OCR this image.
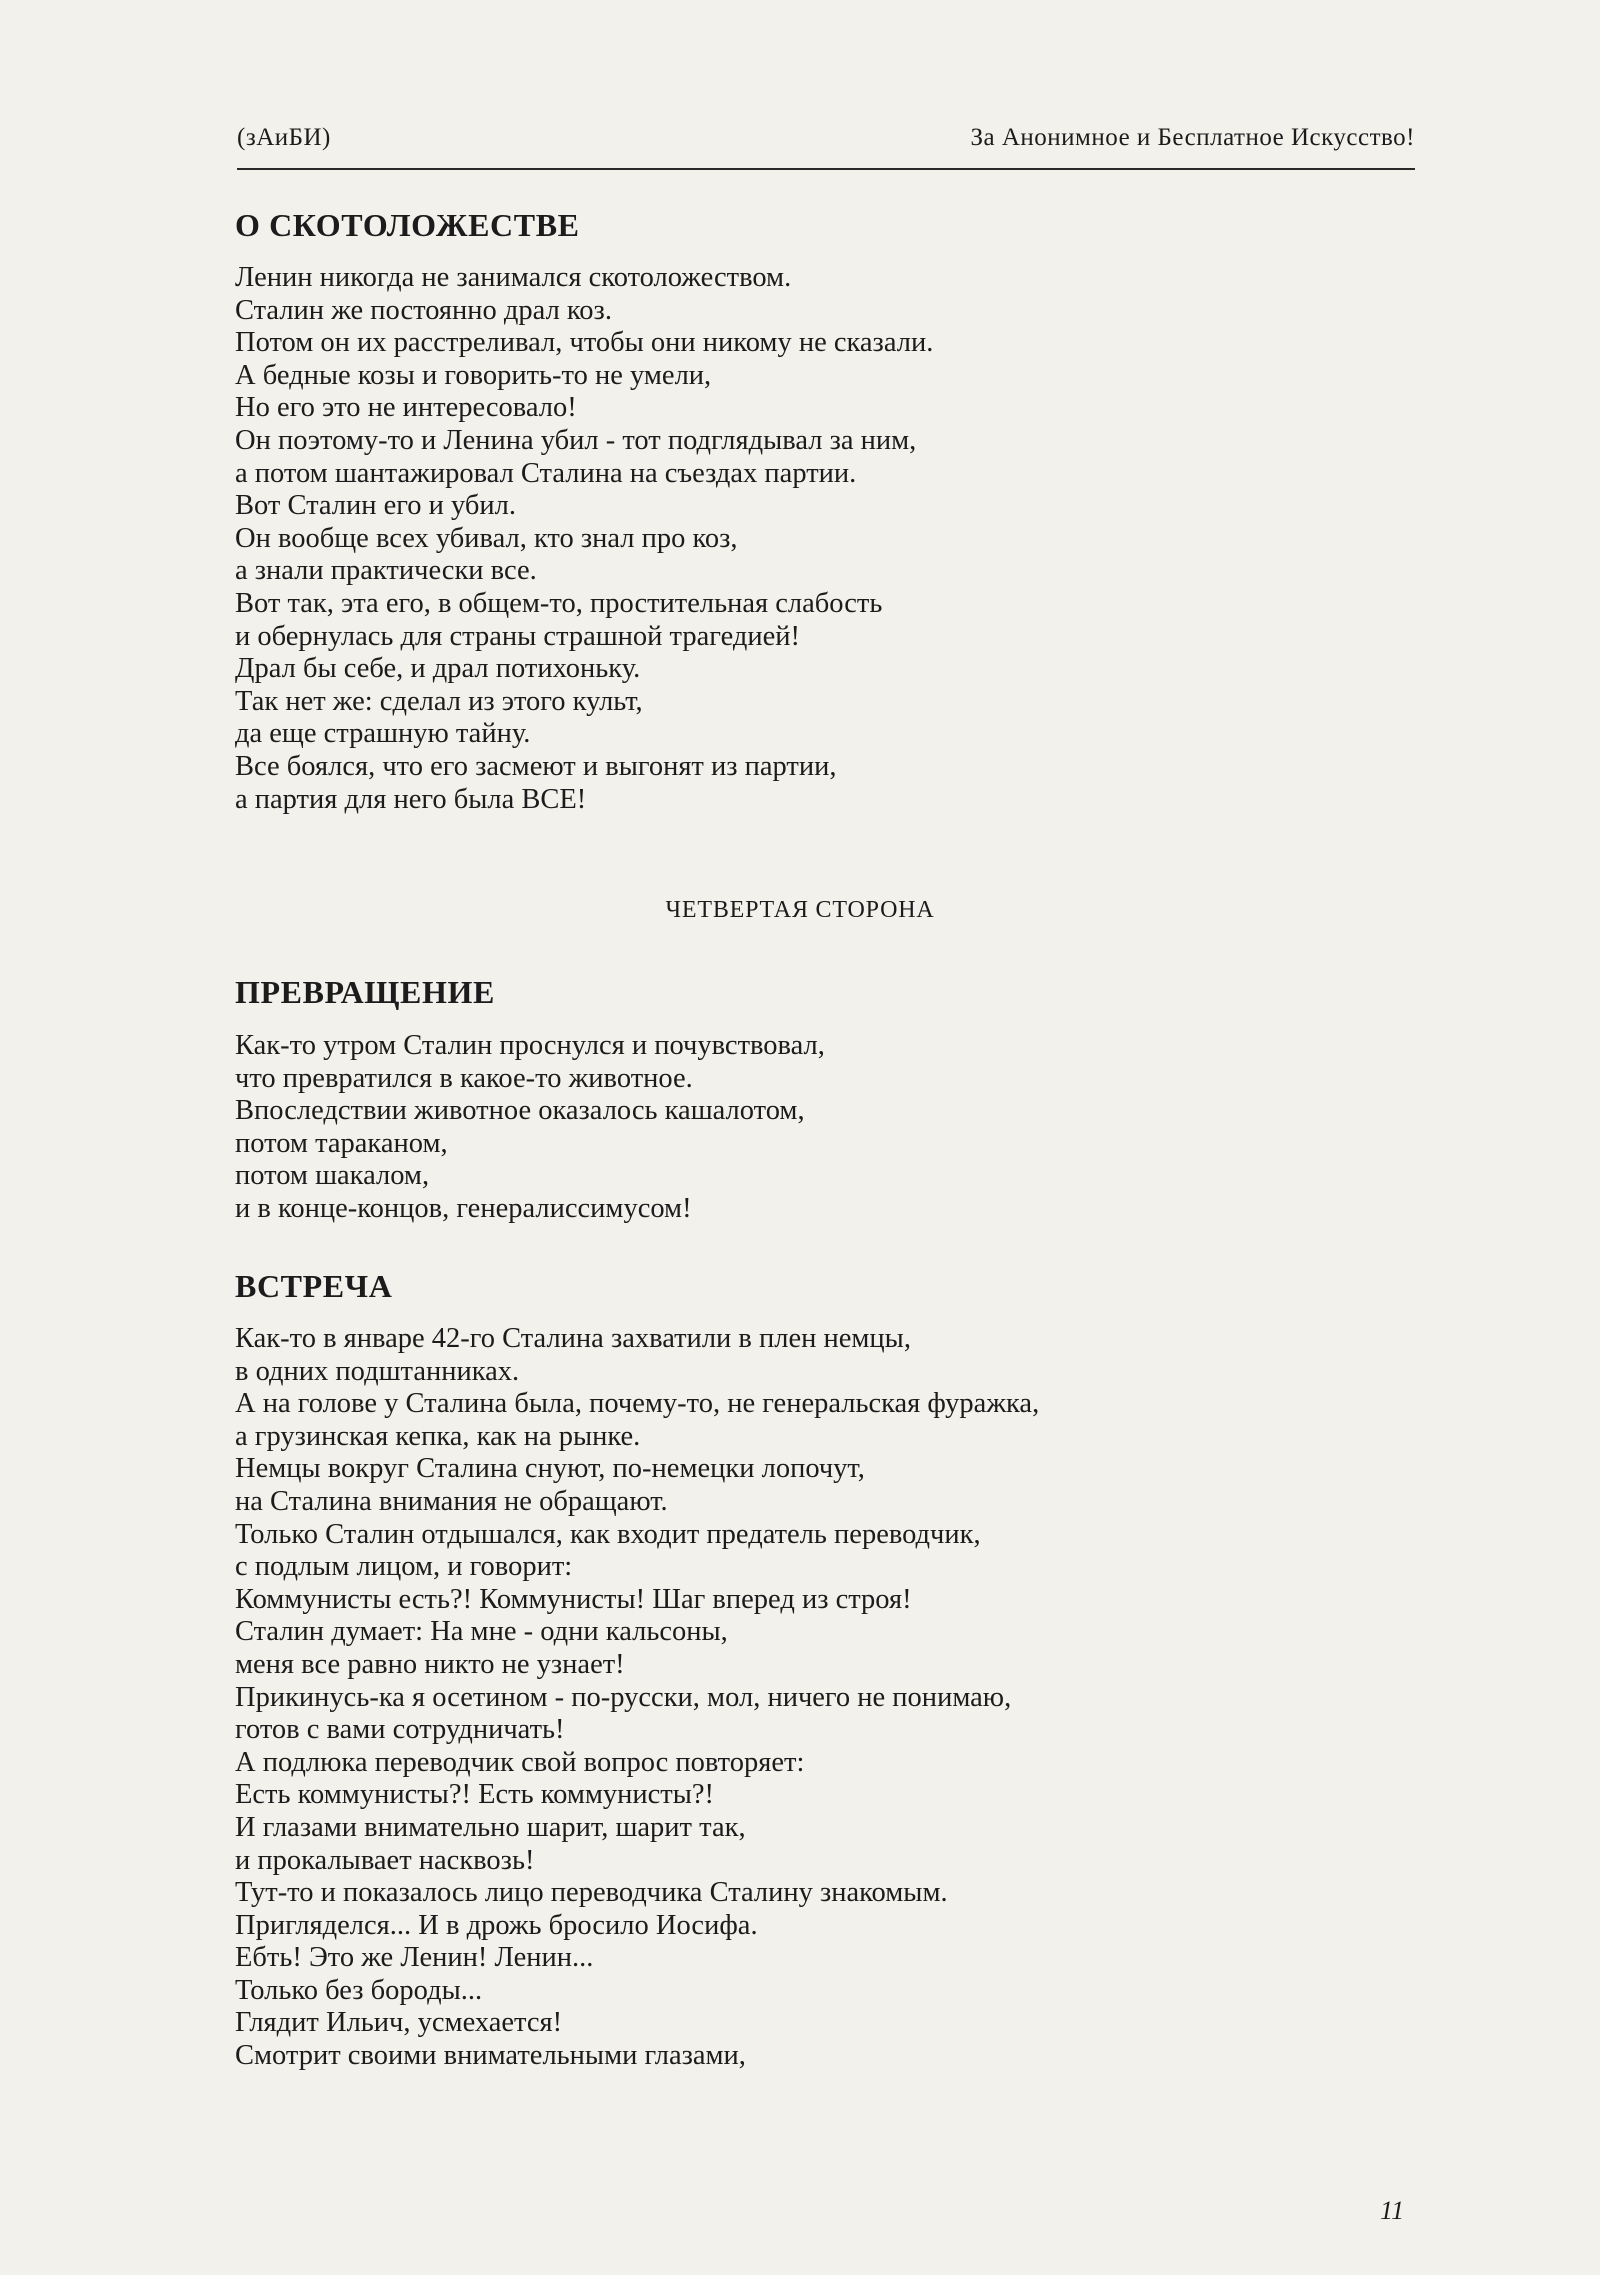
(зАиБИ)	За Анонимное и Бесплатное Искусство!
О СКОТОЛОЖЕСТВЕ
Ленин никогда не занимался скотоложеством.
Сталин же постоянно драл коз.
Потом он их расстреливал, чтобы они никому не сказали.
А бедные козы и говорить-то не умели,
Но его это не интересовало!
Он поэтому-то и Ленина убил - тот подглядывал за ним,
а потом шантажировал Сталина на съездах партии.
Вот Сталин его и убил.
Он вообще всех убивал, кто знал про коз,
а знали практически все.
Вот так, эта его, в общем-то, простительная слабость
и обернулась для страны страшной трагедией!
Драл бы себе, и драл потихоньку.
Так нет же: сделал из этого культ,
да еще страшную тайну.
Все боялся, что его засмеют и выгонят из партии,
а партия для него была ВСЕ!
ЧЕТВЕРТАЯ СТОРОНА
ПРЕВРАЩЕНИЕ
Как-то утром Сталин проснулся и почувствовал,
что превратился в какое-то животное.
Впоследствии животное оказалось кашалотом,
потом тараканом,
потом шакалом,
и в конце-концов, генералиссимусом!
ВСТРЕЧА
Как-то в январе 42-го Сталина захватили в плен немцы,
в одних подштанниках.
А на голове у Сталина была, почему-то, не генеральская фуражка,
а грузинская кепка, как на рынке.
Немцы вокруг Сталина снуют, по-немецки лопочут,
на Сталина внимания не обращают.
Только Сталин отдышался, как входит предатель переводчик,
с подлым лицом, и говорит:
Коммунисты есть?! Коммунисты! Шаг вперед из строя!
Сталин думает: На мне - одни кальсоны,
меня все равно никто не узнает!
Прикинусь-ка я осетином - по-русски, мол, ничего не понимаю,
готов с вами сотрудничать!
А подлюка переводчик свой вопрос повторяет:
Есть коммунисты?! Есть коммунисты?!
И глазами внимательно шарит, шарит так,
и прокалывает насквозь!
Тут-то и показалось лицо переводчика Сталину знакомым.
Пригляделся... И в дрожь бросило Иосифа.
Ебть! Это же Ленин! Ленин...
Только без бороды...
Глядит Ильич, усмехается!
Смотрит своими внимательными глазами,
11
